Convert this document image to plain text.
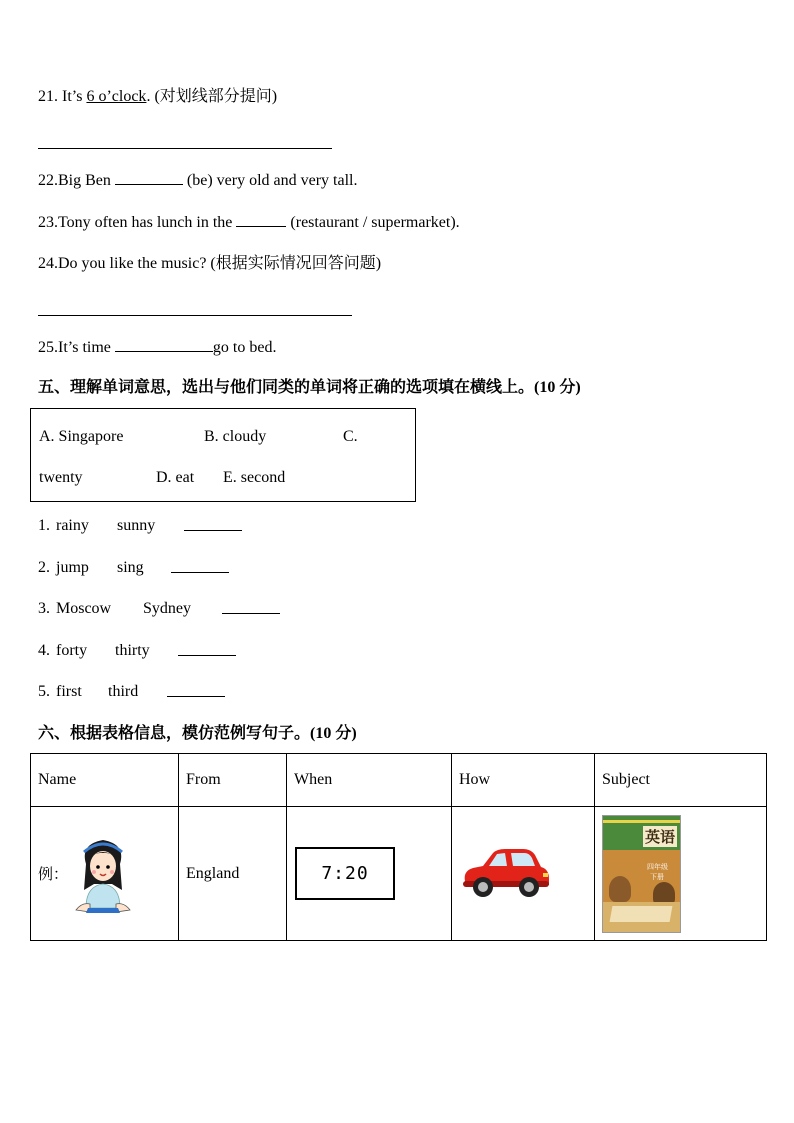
21. It’s 6 o’clock. (对划线部分提问)
22.Big Ben	(be) very old and very tall.
23.Tony often has lunch in the	(restaurant / supermarket).
24.Do you like the music? (根据实际情况回答问题)
25.It’s time	go to bed.
五、理解单词意思，选出与他们同类的单词将正确的选项填在横线上。(10 分)
A. Singapore	B. cloudy	C.
twenty	D. eat E. second
1. rainy sunny
2. jump sing
3. Moscow Sydney
4. forty thirty
5. first third
六、根据表格信息，模仿范例写句子。(10 分)
Name	From	When	How	Subject

例：	England	7:20		英语
四年级
下册
